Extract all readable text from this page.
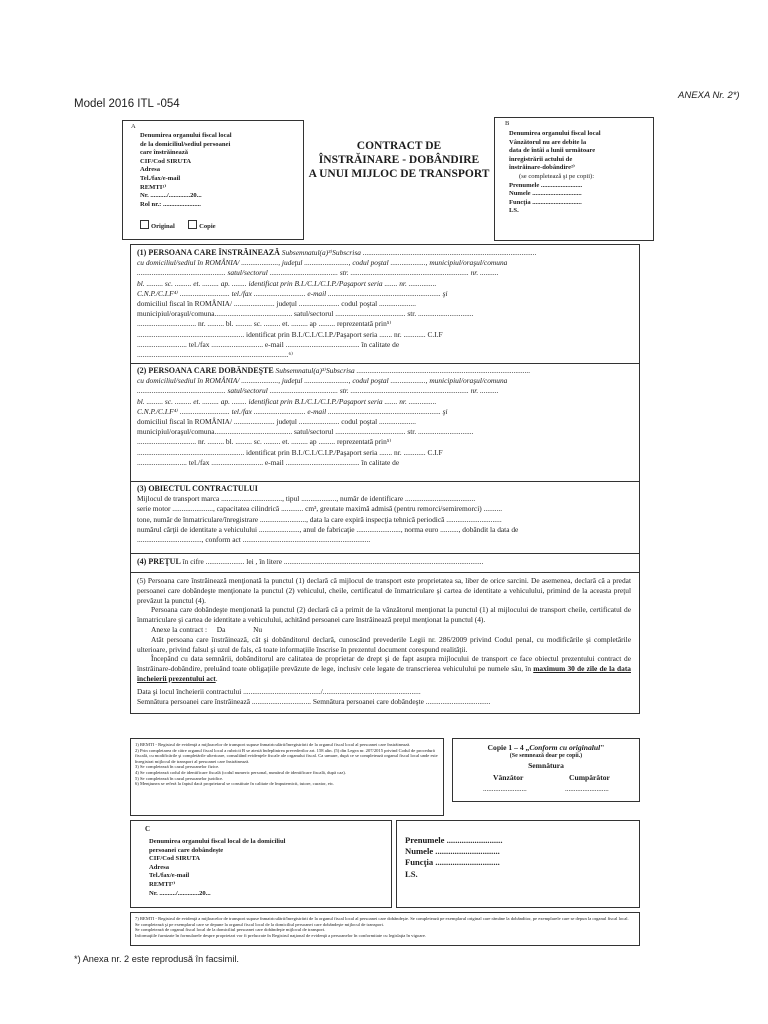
ANEXA Nr. 2*)
Model 2016 ITL -054
A
Denumirea organului fiscal local
de la domiciliul/sediul persoanei
care înstrăinează
CIF/Cod SIRUTA
Adresa
Tel./fax/e-mail
REMTI¹⁾
Nr. ........../.............20...
Rol nr.: .......................
Original	Copie
CONTRACT DE
ÎNSTRĂINARE - DOBÂNDIRE
A UNUI MIJLOC DE TRANSPORT
B
Denumirea organului fiscal local
Vânzătorul nu are debite la
data de întâi a lunii următoare
înregistrării actului de
înstrăinare-dobândire²⁾
(se completează şi pe copii):
Prenumele .........................
Numele ..............................
Funcţia ..............................
LS.
(1) PERSOANA CARE ÎNSTRĂINEAZĂ Subsemnatul(a)³⁾Subscrisa ..............................................................................................
cu domiciliul/sediul în ROMÂNIA/ ...................., judeţul ........................, codul poştal ..................., municipiul/oraşul/comuna
................................................ satul/sectorul ..................................... str. ................................................................ nr. ..........
bl. ......... sc. ......... et. ......... ap. ........ identificat prin B.I./C.I./C.I.P./Paşaport seria ....... nr. ...............
C.N.P./C.I.F⁴⁾ ........................... tel./fax ............................ e-mail ............................................................. şi
domiciliul fiscal în ROMÂNIA/ ...................... judeţul ...................... codul poştal ....................
municipiul/oraşul/comuna.......................................... satul/sectorul ...................................... str. ..............................
................................ nr. ......... bl. ......... sc. ......... et. ......... ap ......... reprezentată prin⁵⁾
.......................................................... identificat prin B.I./C.I./C.I.P./Paşaport seria ....... nr. ............ C.I.F
........................... tel./fax ............................ e-mail ........................................ în calitate de
..................................................................................⁶⁾
(2) PERSOANA CARE DOBÂNDEŞTE Subsemnatul(a)³⁾Subscrisa ..............................................................................................
cu domiciliul/sediul în ROMÂNIA/ ...................., judeţul ........................, codul poştal ..................., municipiul/oraşul/comuna
................................................ satul/sectorul ..................................... str. ................................................................ nr. ..........
bl. ......... sc. ......... et. ......... ap. ........ identificat prin B.I./C.I./C.I.P./Paşaport seria ....... nr. ...............
C.N.P./C.I.F⁴⁾ ........................... tel./fax ............................ e-mail ............................................................. şi
domiciliul fiscal în ROMÂNIA/ ...................... judeţul ...................... codul poştal ....................
municipiul/oraşul/comuna.......................................... satul/sectorul ...................................... str. ..............................
................................ nr. ......... bl. ......... sc. ......... et. ......... ap ......... reprezentată prin⁵⁾
.......................................................... identificat prin B.I./C.I./C.I.P./Paşaport seria ....... nr. ............ C.I.F
........................... tel./fax ............................ e-mail ........................................ în calitate de
(3) OBIECTUL CONTRACTULUI
Mijlocul de transport marca ................................., tipul ..................., număr de identificare ......................................
serie motor ......................, capacitatea cilindrică ............ cm³, greutate maximă admisă (pentru remorci/semiremorci) ..........
tone, număr de înmatriculare/înregistrare ........................., data la care expiră inspecţia tehnică periodică ..............................
numărul cărţii de identitate a vehiculului ......................, anul de fabricaţie ........................, norma euro .........., dobândit la data de
..................................., conform act .....................................................................
(4) PREŢUL în cifre ..................... lei , în litere ............................................................................................................
(5) Persoana care înstrăinează menţionată la punctul (1) declară că mijlocul de transport este proprietatea sa, liber de orice sarcini. De asemenea, declară că a predat persoanei care dobândeşte menţionate la punctul (2) vehiculul, cheile, certificatul de înmatriculare şi cartea de identitate a vehiculului, primind de la aceasta preţul prevăzut la punctul (4).
Persoana care dobândeşte menţionată la punctul (2) declară că a primit de la vânzătorul menţionat la punctul (1) al mijlocului de transport cheile, certificatul de înmatriculare şi cartea de identitate a vehiculului, achitând persoanei care înstrăinează preţul menţionat la punctul (4).
Anexe la contract : Da	Nu
Atât persoana care înstrăinează, cât şi dobânditorul declară, cunoscând prevederile Legii nr. 286/2009 privind Codul penal, cu modificările şi completările ulterioare, privind falsul şi uzul de fals, că toate informaţiile înscrise în prezentul document corespund realităţii.
Începând cu data semnării, dobânditorul are calitatea de proprietar de drept şi de fapt asupra mijlocului de transport ce face obiectul prezentului contract de înstrăinare-dobândire, preluând toate obligaţiile prevăzute de lege, inclusiv cele legate de transcrierea vehiculului pe numele său, în maximum 30 de zile de la data încheierii prezentului act.
Data şi locul încheierii contractului ........................................../.....................................................
Semnătura persoanei care înstrăinează ................................ Semnătura persoanei care dobândeşte ...................................
1) REMTI - Registrul de evidenţă a mijloacelor de transport supuse înmatriculării/înregistrării de la organul fiscal local al persoanei care înstrăinează.
2) Prin completarea de către organul fiscal local a rubricii B se atestă îndeplinirea prevederilor art. 158 alin. (5) din Legea nr. 207/2015 privind Codul de procedură fiscală, cu modificările şi completările ulterioare, consultând evidenţele fiscale ale organului fiscal. Ca urmare, după ce se completează organul fiscal local unde este înregistrat mijlocul de transport al persoanei care înstrăinează.
3) Se completează în cazul persoanelor fizice.
4) Se completează codul de identificare fiscală (codul numeric personal, numărul de identificare fiscală, după caz).
5) Se completează în cazul persoanelor juridice.
6) Menţiunea se referă la faptul dacă proprietarul se constituie în calitate de împuternicit, tutore, curator, etc.
Copie 1 – 4 „Conform cu originalul"
(Se semnează doar pe copii.)
Semnătura
Vânzător	Cumpărător
.........................	.........................
C
Denumirea organului fiscal local de la domiciliul
persoanei care dobândeşte
CIF/Cod SIRUTA
Adresa
Tel./fax/e-mail
REMTI⁷⁾
Nr. ........../.............20...
Prenumele ..........................
Numele ..............................
Funcţia ..............................
LS.
7) REMTI - Registrul de evidenţă a mijloacelor de transport supuse înmatriculării/înregistrării de la organul fiscal local al persoanei care dobândeşte. Se completează pe exemplarul original care rămâne la dobânditor, pe exemplarele care se depun la organul fiscal local.
Se completează şi pe exemplarul care se depune la organul fiscal local de la domiciliul persoanei care dobândeşte mijlocul de transport.
Se completează de organul fiscal local de la domiciliul persoanei care dobândeşte mijlocul de transport.
Informaţiile furnizate în formularele despre proprietari vor fi prelucrate în Registrul naţional de evidenţă a persoanelor în conformitate cu legislaţia în vigoare.
*) Anexa nr. 2 este reprodusă în facsimil.
